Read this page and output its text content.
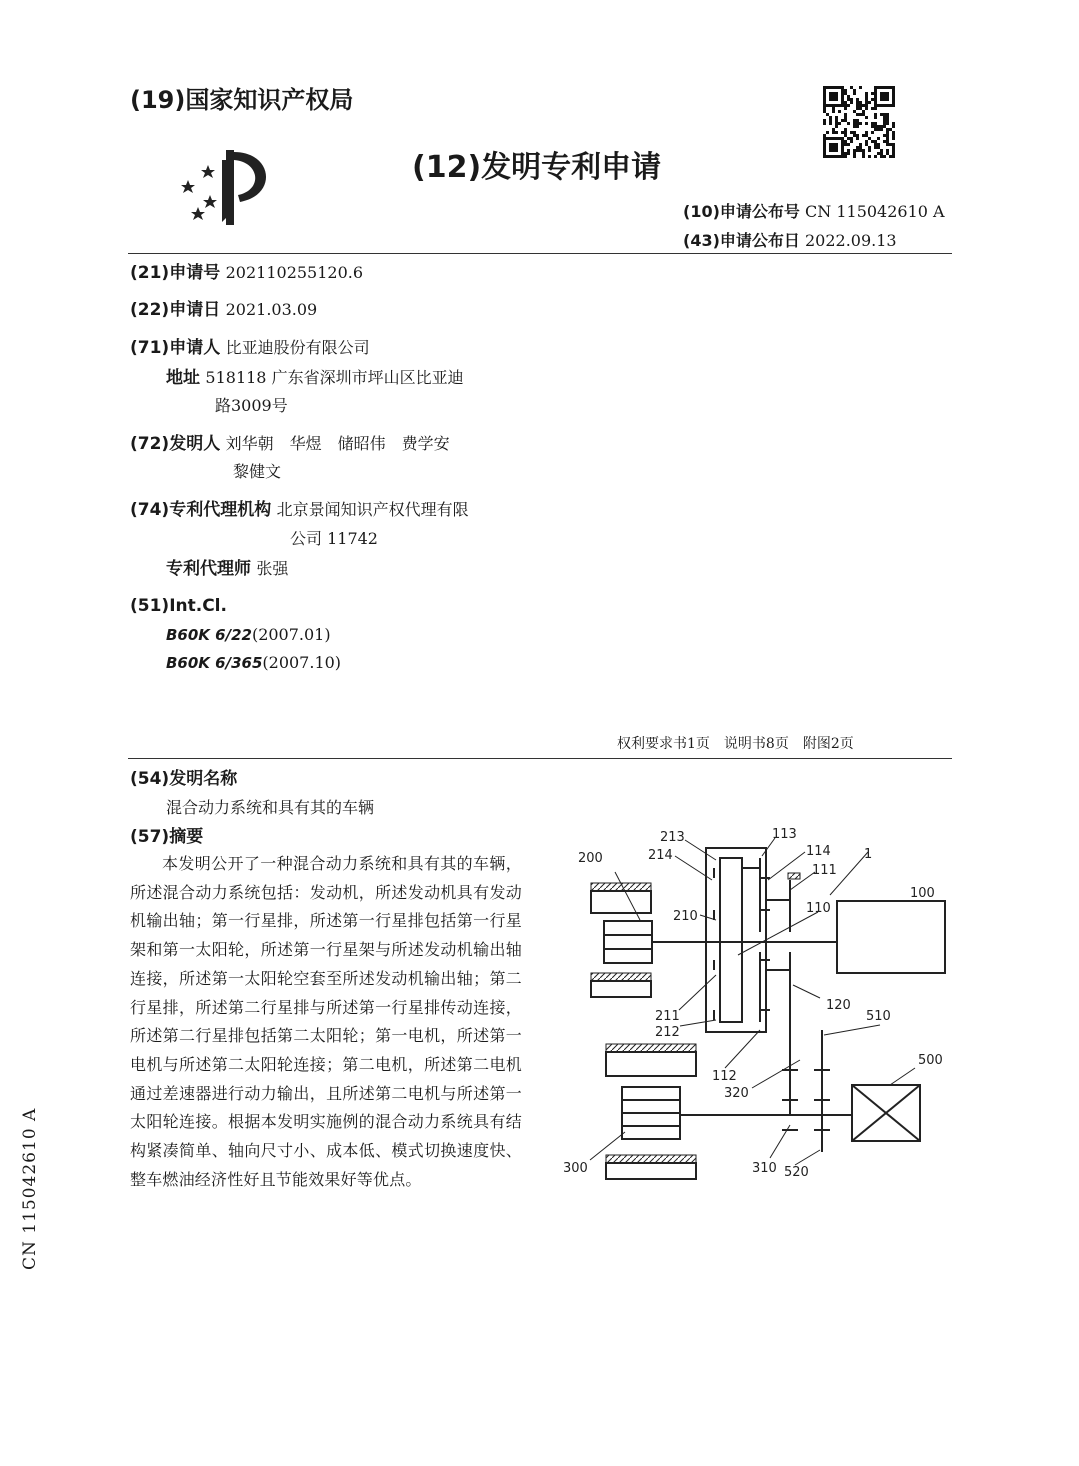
(19)国家知识产权局
(12)发明专利申请
(10)申请公布号 CN 115042610 A
(43)申请公布日 2022.09.13
(21)申请号 202110255120.6
(22)申请日 2021.03.09
(71)申请人 比亚迪股份有限公司
地址 518118 广东省深圳市坪山区比亚迪
路3009号
(72)发明人 刘华朝　华煜　储昭伟　费学安
黎健文
(74)专利代理机构 北京景闻知识产权代理有限
公司 11742
专利代理师 张强
(51)Int.Cl.
B60K 6/22(2007.01)
B60K 6/365(2007.10)
权利要求书1页　说明书8页　附图2页
(54)发明名称
混合动力系统和具有其的车辆
(57)摘要
本发明公开了一种混合动力系统和具有其的车辆，所述混合动力系统包括：发动机，所述发动机具有发动机输出轴；第一行星排，所述第一行星排包括第一行星架和第一太阳轮，所述第一行星架与所述发动机输出轴连接，所述第一太阳轮空套至所述发动机输出轴；第二行星排，所述第二行星排与所述第一行星排传动连接，所述第二行星排包括第二太阳轮；第一电机，所述第一电机与所述第二太阳轮连接；第二电机，所述第二电机通过差速器进行动力输出，且所述第二电机与所述第一太阳轮连接。根据本发明实施例的混合动力系统具有结构紧凑简单、轴向尺寸小、成本低、模式切换速度快、整车燃油经济性好且节能效果好等优点。
213	113
114	1
111
214
200
100
210
110
211
120
212
510
500
112
320
300	310 520
CN 115042610 A
